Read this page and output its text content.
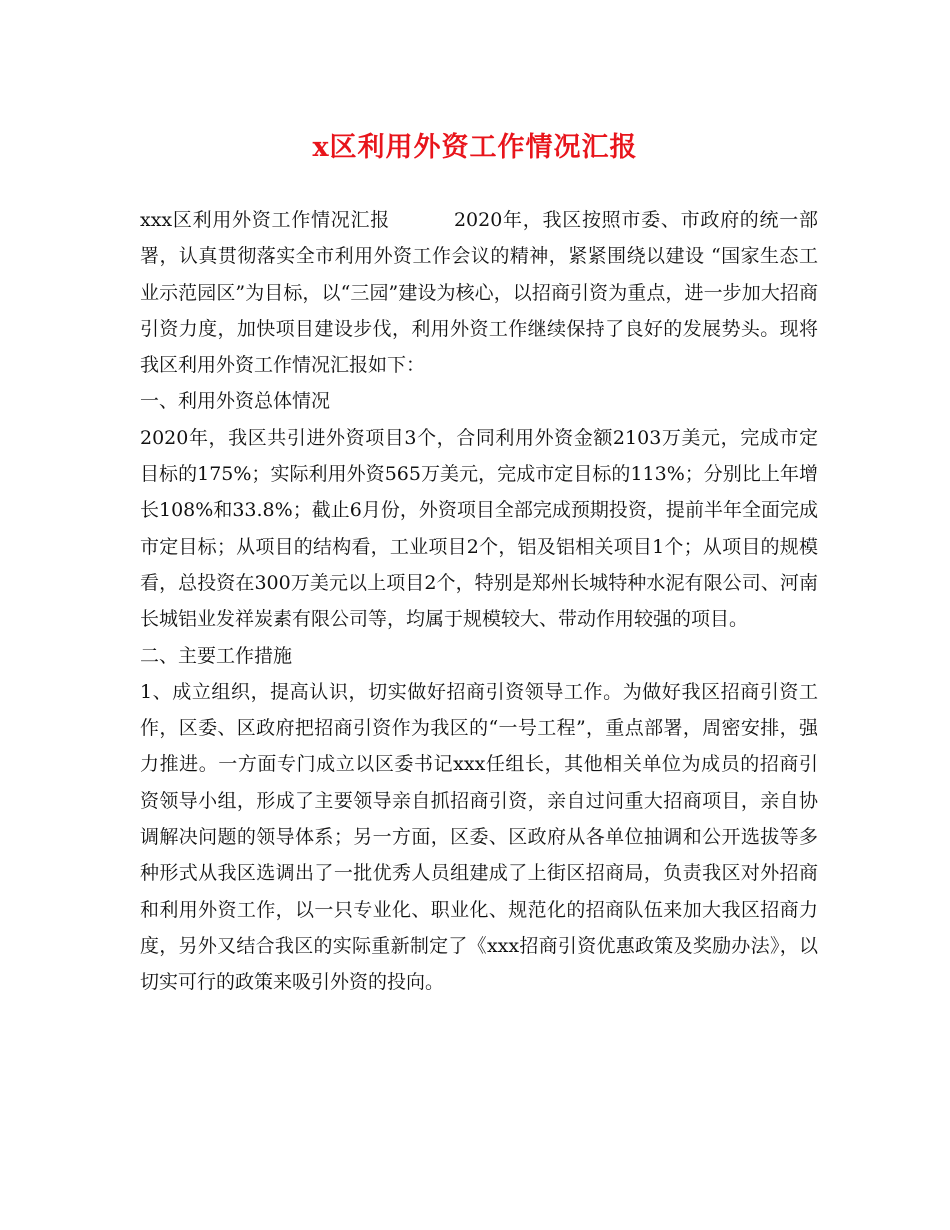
x区利用外资工作情况汇报

xxx区利用外资工作情况汇报	2020年，我区按照市委、市政府的统一部署，认真贯彻落实全市利用外资工作会议的精神，紧紧围绕以建设 “国家生态工业示范园区”为目标，以“三园”建设为核心，以招商引资为重点，进一步加大招商引资力度，加快项目建设步伐，利用外资工作继续保持了良好的发展势头。现将我区利用外资工作情况汇报如下：

一、利用外资总体情况

2020年，我区共引进外资项目3个，合同利用外资金额2103万美元，完成市定目标的175%；实际利用外资565万美元，完成市定目标的113%；分别比上年增长108%和33.8%；截止6月份，外资项目全部完成预期投资，提前半年全面完成市定目标；从项目的结构看，工业项目2个，铝及铝相关项目1个；从项目的规模看，总投资在300万美元以上项目2个，特别是郑州长城特种水泥有限公司、河南长城铝业发祥炭素有限公司等，均属于规模较大、带动作用较强的项目。

二、主要工作措施

1、成立组织，提高认识，切实做好招商引资领导工作。为做好我区招商引资工作，区委、区政府把招商引资作为我区的“一号工程”，重点部署，周密安排，强力推进。一方面专门成立以区委书记xxx任组长，其他相关单位为成员的招商引资领导小组，形成了主要领导亲自抓招商引资，亲自过问重大招商项目，亲自协调解决问题的领导体系；另一方面，区委、区政府从各单位抽调和公开选拔等多种形式从我区选调出了一批优秀人员组建成了上街区招商局，负责我区对外招商和利用外资工作，以一只专业化、职业化、规范化的招商队伍来加大我区招商力度，另外又结合我区的实际重新制定了《xxx招商引资优惠政策及奖励办法》，以切实可行的政策来吸引外资的投向。
